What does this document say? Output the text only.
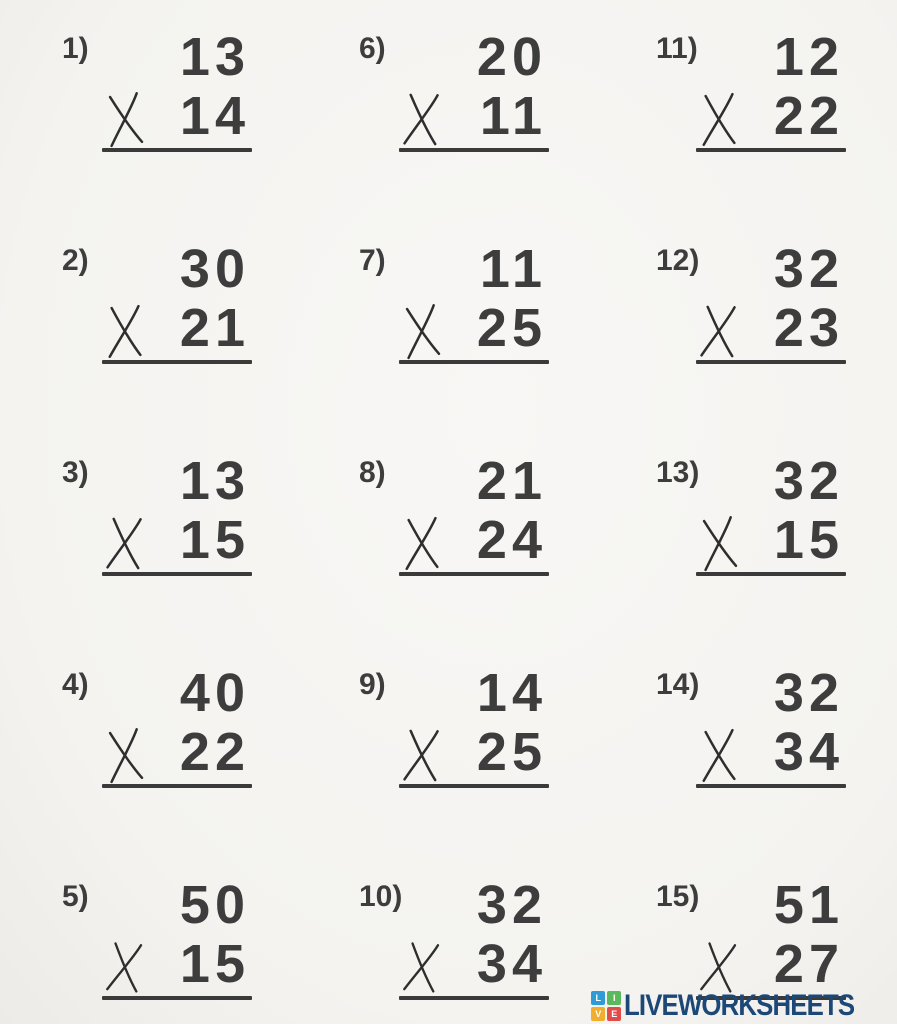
1)	13
14
2)	30
21
3)	13
15
4)	40
22
5)	50
15
6)	20
11
7)	11
25
8)	21
24
9)	14
25
10)	32
34
11)	12
22
12)	32
23
13)	32
15
14)	32
34
15)	51
27
L	I
V	E LIVEWORKSHEETS
